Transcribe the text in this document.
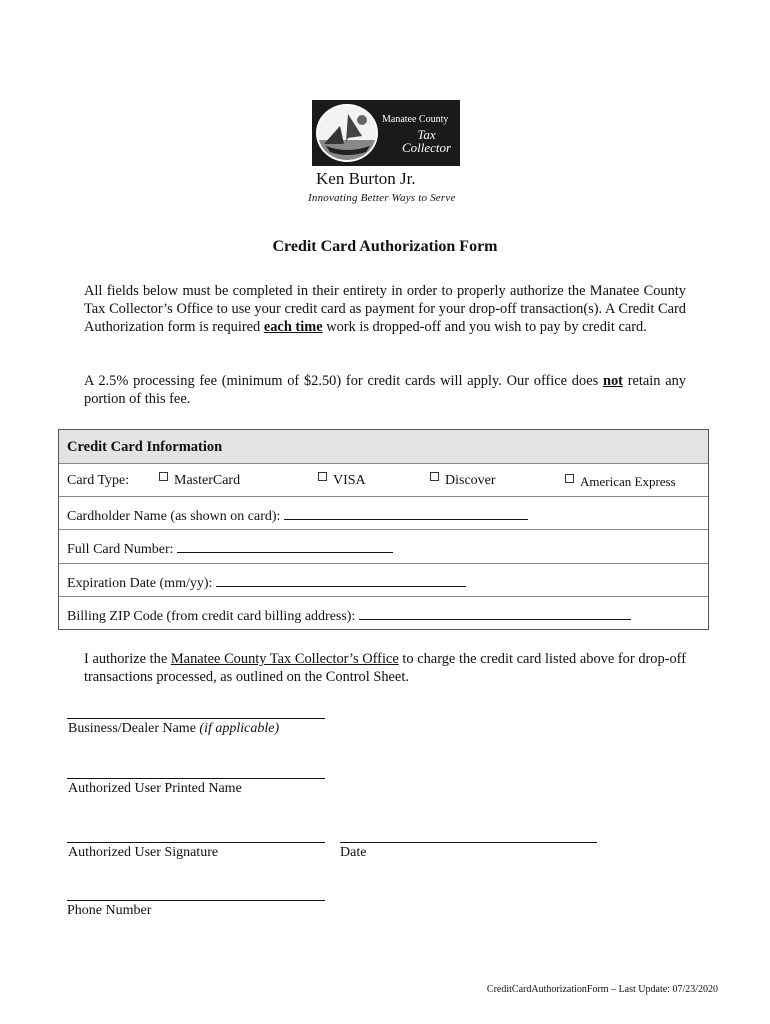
Manatee County
Tax
Collector
Ken Burton Jr.
Innovating Better Ways to Serve
Credit Card Authorization Form
All fields below must be completed in their entirety in order to properly authorize the Manatee County Tax Collector’s Office to use your credit card as payment for your drop-off transaction(s). A Credit Card Authorization form is required each time work is dropped-off and you wish to pay by credit card.
A 2.5% processing fee (minimum of $2.50) for credit cards will apply. Our office does not retain any portion of this fee.
Credit Card Information
Card Type:	MasterCard	VISA	Discover	American Express
Cardholder Name (as shown on card):
Full Card Number:
Expiration Date (mm/yy):
Billing ZIP Code (from credit card billing address):
I authorize the Manatee County Tax Collector’s Office to charge the credit card listed above for drop-off transactions processed, as outlined on the Control Sheet.
Business/Dealer Name (if applicable)
Authorized User Printed Name
Authorized User Signature	Date
Phone Number
CreditCardAuthorizationForm – Last Update: 07/23/2020
